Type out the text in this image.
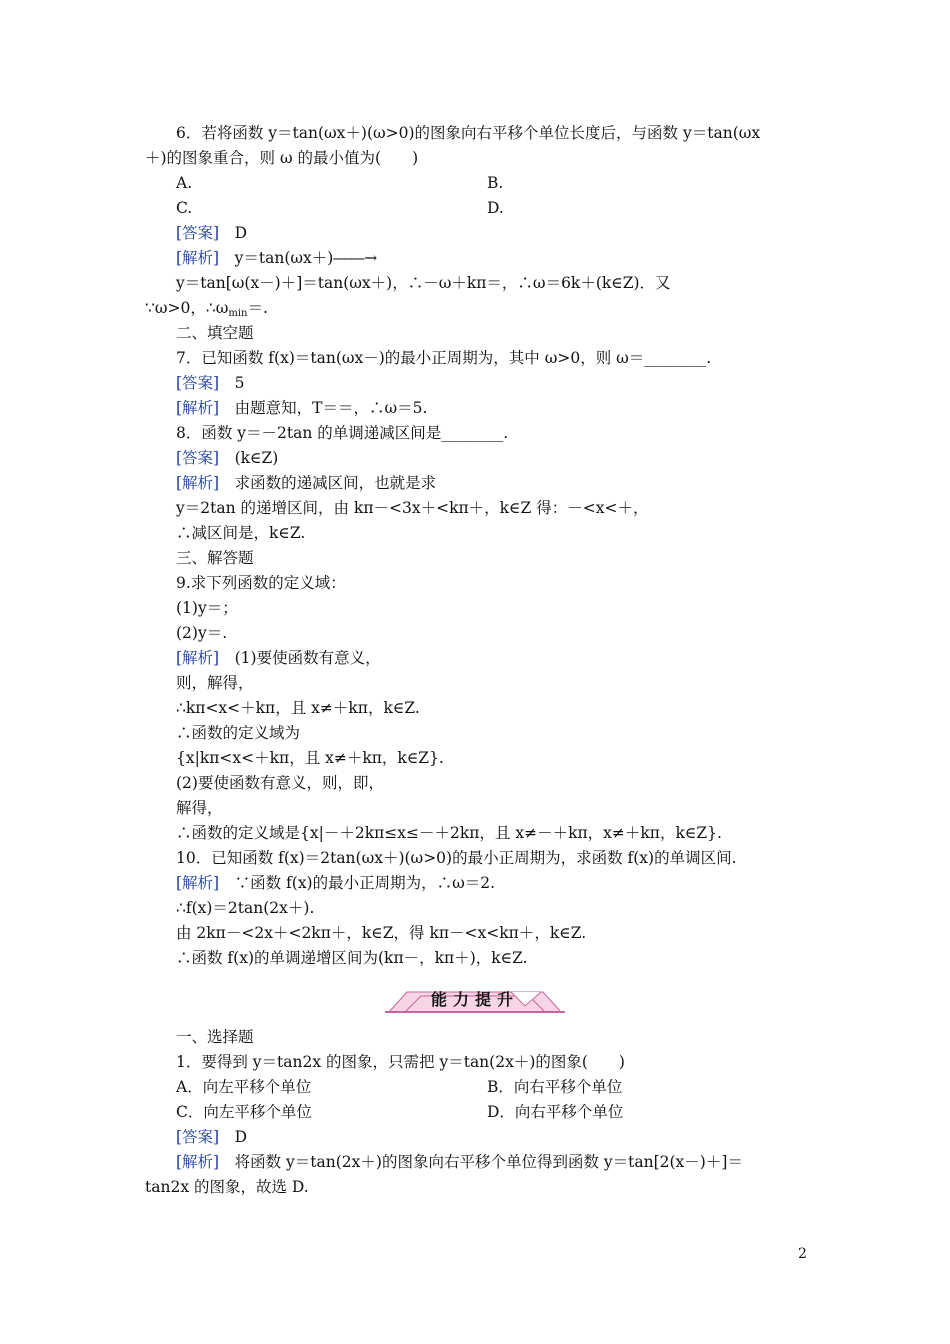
6．若将函数 y＝tan(ωx＋)(ω>0)的图象向右平移个单位长度后，与函数 y＝tan(ωx
＋)的图象重合，则 ω 的最小值为(　　)
A.	B.
C.	D.
[答案]　D
[解析]　y＝tan(ωx＋)――→
y＝tan[ω(x－)＋]＝tan(ωx＋)，∴－ω＋kπ＝，∴ω＝6k＋(k∈Z)．又
∵ω>0，$\therefore\omega_{min}=$.
二、填空题
7．已知函数 f(x)＝tan(ωx－)的最小正周期为，其中 ω>0，则 ω＝________.
[答案]　5
[解析]　由题意知，T＝＝，∴ω＝5.
8．函数 y＝－2tan 的单调递减区间是________.
[答案]　(k∈Z)
[解析]　求函数的递减区间，也就是求
y＝2tan 的递增区间，由 kπ－<3x＋<kπ＋，k∈Z 得：－<x<＋，
∴减区间是，k∈Z.
三、解答题
9.求下列函数的定义域：
(1)y＝；
(2)y＝.
[解析]　(1)要使函数有意义，
则，解得，
∴kπ<x<＋kπ，且 x≠＋kπ，k∈Z.
∴函数的定义域为
{x|kπ<x<＋kπ，且 x≠＋kπ，k∈Z}.
(2)要使函数有意义，则，即，
解得，
∴函数的定义域是{x|－＋2kπ≤x≤－＋2kπ，且 x≠－＋kπ，x≠＋kπ，k∈Z}.
10．已知函数 f(x)＝2tan(ωx＋)(ω>0)的最小正周期为，求函数 f(x)的单调区间.
[解析]　∵函数 f(x)的最小正周期为，∴ω＝2.
∴f(x)＝2tan(2x＋).
由 2kπ－<2x＋<2kπ＋，k∈Z，得 kπ－<x<kπ＋，k∈Z.
∴函数 f(x)的单调递增区间为(kπ－，kπ＋)，k∈Z.
能力提升
一、选择题
1．要得到 y＝tan2x 的图象，只需把 y＝tan(2x＋)的图象(　　)
A．向左平移个单位	B．向右平移个单位
C．向左平移个单位	D．向右平移个单位
[答案]　D
[解析]　将函数 y＝tan(2x＋)的图象向右平移个单位得到函数 y＝tan[2(x－)＋]＝
tan2x 的图象，故选 D.
2
